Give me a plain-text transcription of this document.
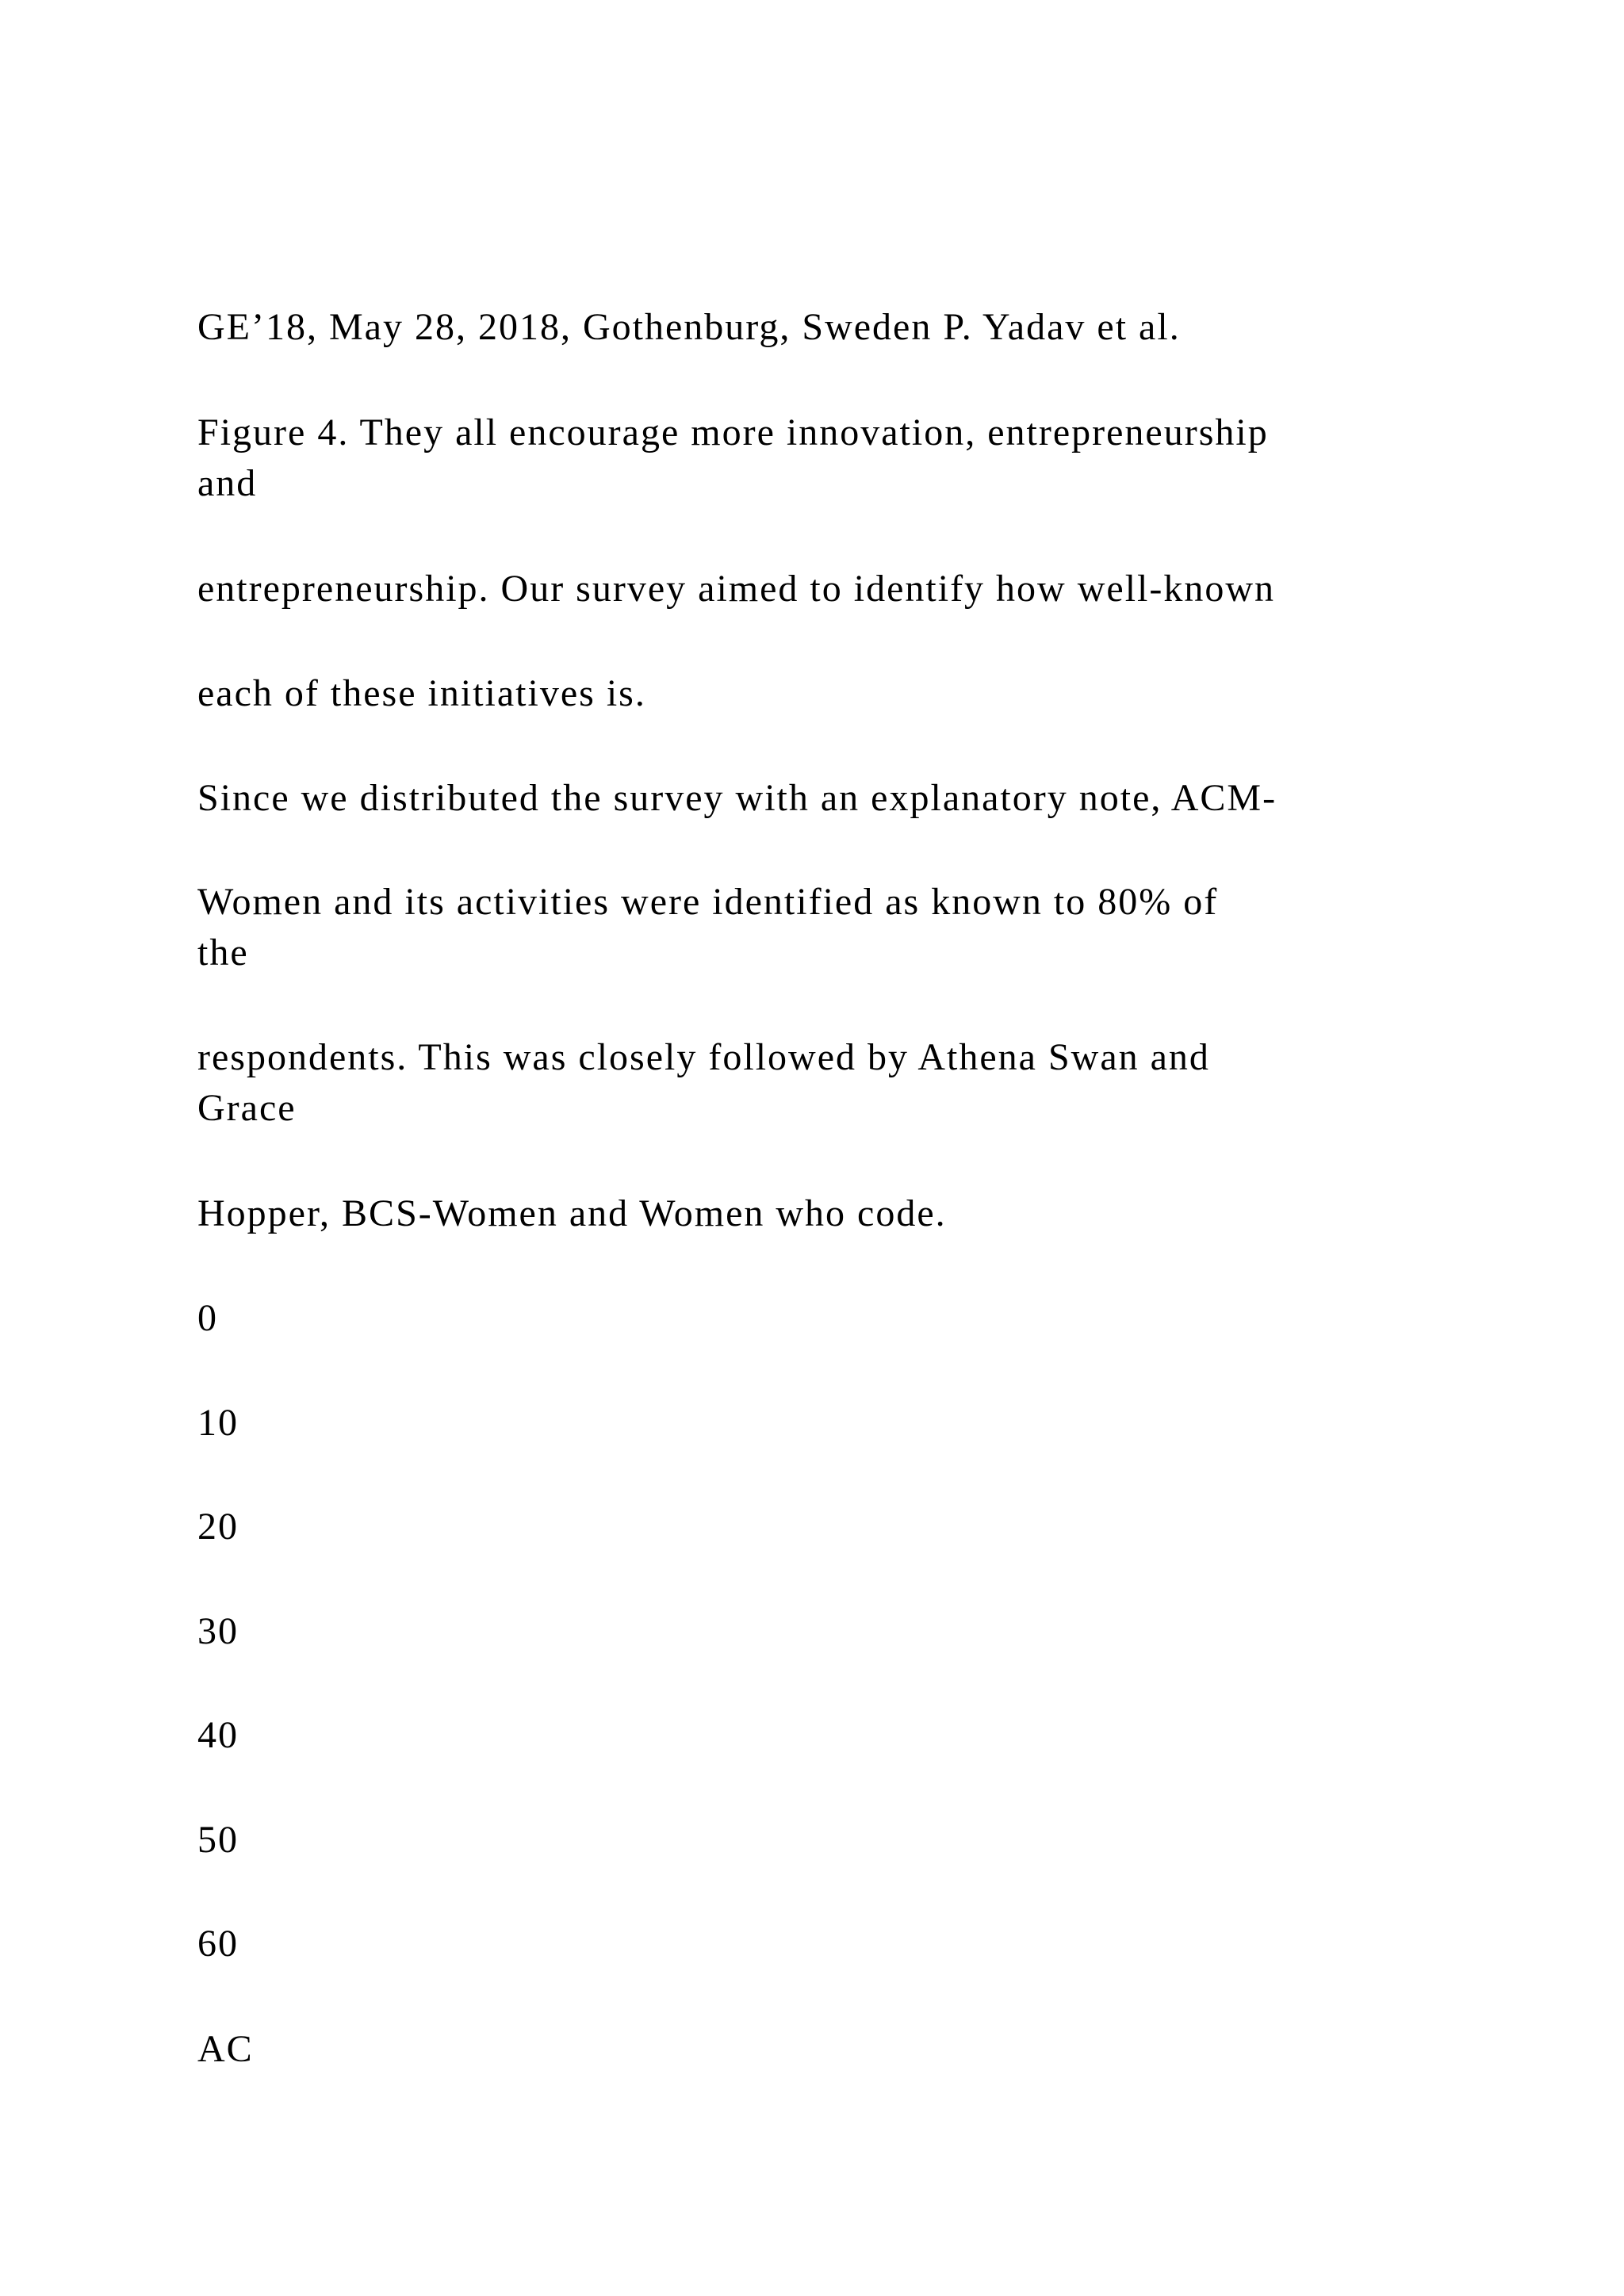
GE’18, May 28, 2018, Gothenburg, Sweden P. Yadav et al.
Figure 4. They all encourage more innovation, entrepreneurship
and
entrepreneurship. Our survey aimed to identify how well-known
each of these initiatives is.
Since we distributed the survey with an explanatory note, ACM-
Women and its activities were identified as known to 80% of
the
respondents. This was closely followed by Athena Swan and
Grace
Hopper, BCS-Women and Women who code.
0
10
20
30
40
50
60
AC
